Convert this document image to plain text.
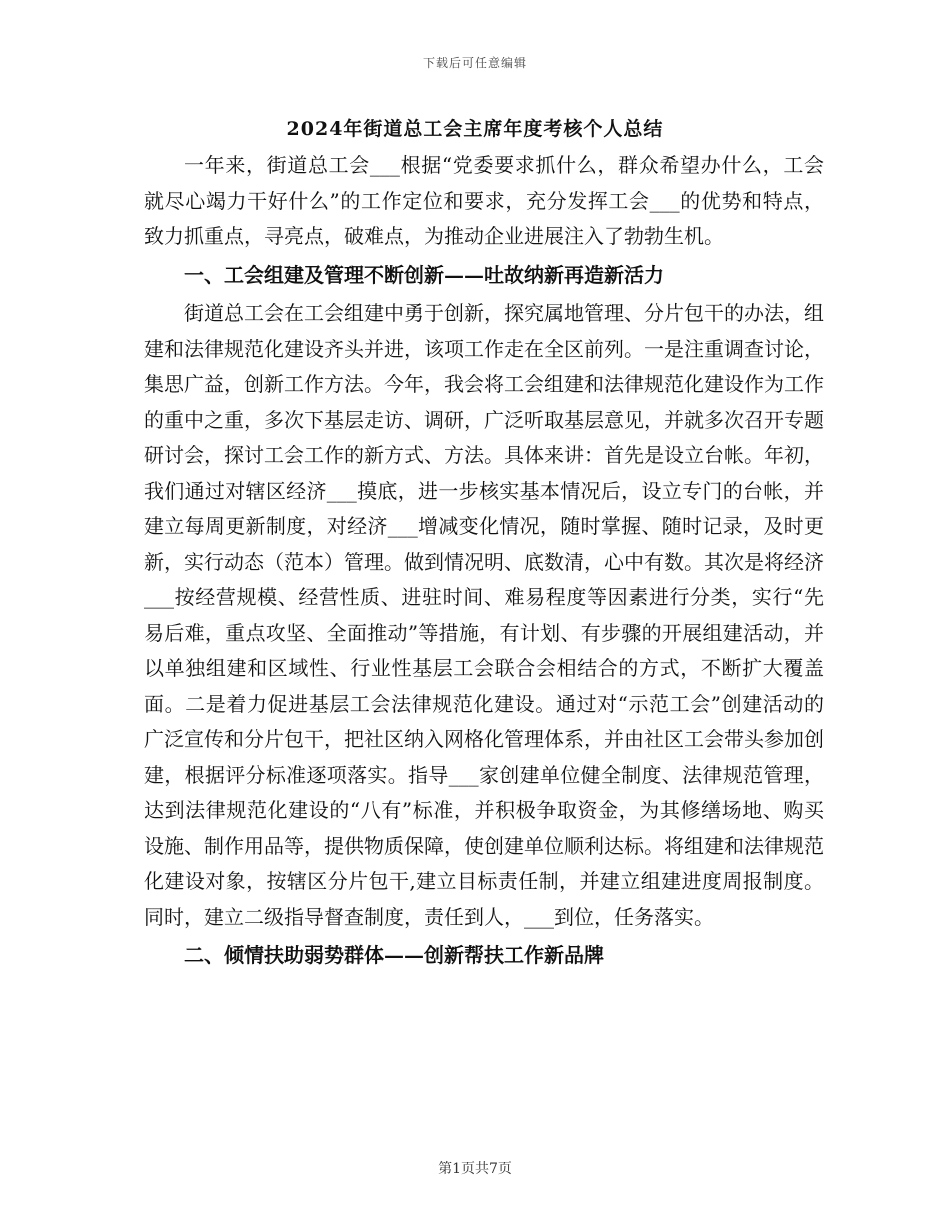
下载后可任意编辑
2024年街道总工会主席年度考核个人总结

一年来，街道总工会___根据“党委要求抓什么，群众希望办什么，工会就尽心竭力干好什么”的工作定位和要求，充分发挥工会___的优势和特点，致力抓重点，寻亮点，破难点，为推动企业进展注入了勃勃生机。

一、工会组建及管理不断创新——吐故纳新再造新活力

街道总工会在工会组建中勇于创新，探究属地管理、分片包干的办法，组建和法律规范化建设齐头并进，该项工作走在全区前列。一是注重调查讨论，集思广益，创新工作方法。今年，我会将工会组建和法律规范化建设作为工作的重中之重，多次下基层走访、调研，广泛听取基层意见，并就多次召开专题研讨会，探讨工会工作的新方式、方法。具体来讲：首先是设立台帐。年初，我们通过对辖区经济___摸底，进一步核实基本情况后，设立专门的台帐，并建立每周更新制度，对经济___增减变化情况，随时掌握、随时记录，及时更新，实行动态（范本）管理。做到情况明、底数清，心中有数。其次是将经济___按经营规模、经营性质、进驻时间、难易程度等因素进行分类，实行“先易后难，重点攻坚、全面推动”等措施，有计划、有步骤的开展组建活动，并以单独组建和区域性、行业性基层工会联合会相结合的方式，不断扩大覆盖面。二是着力促进基层工会法律规范化建设。通过对“示范工会”创建活动的广泛宣传和分片包干，把社区纳入网格化管理体系，并由社区工会带头参加创建，根据评分标准逐项落实。指导___家创建单位健全制度、法律规范管理，达到法律规范化建设的“八有”标准，并积极争取资金，为其修缮场地、购买设施、制作用品等，提供物质保障，使创建单位顺利达标。将组建和法律规范化建设对象，按辖区分片包干,建立目标责任制，并建立组建进度周报制度。同时，建立二级指导督查制度，责任到人，___到位，任务落实。

二、倾情扶助弱势群体——创新帮扶工作新品牌

第1页共7页
